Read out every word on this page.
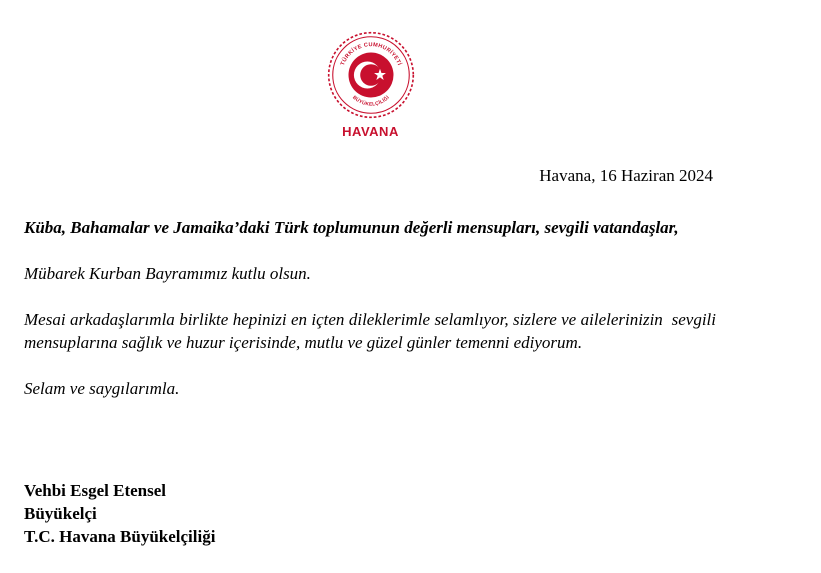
TÜRKİYE CUMHURİYETİ
BÜYÜKELÇİLİĞİ
HAVANA
Havana, 16 Haziran 2024

Küba, Bahamalar ve Jamaika’daki Türk toplumunun değerli mensupları, sevgili vatandaşlar,

Mübarek Kurban Bayramımız kutlu olsun.

Mesai arkadaşlarımla birlikte hepinizi en içten dileklerimle selamlıyor, sizlere ve ailelerinizin  sevgili mensuplarına sağlık ve huzur içerisinde, mutlu ve güzel günler temenni ediyorum.

Selam ve saygılarımla.

Vehbi Esgel Etensel
Büyükelçi
T.C. Havana Büyükelçiliği
